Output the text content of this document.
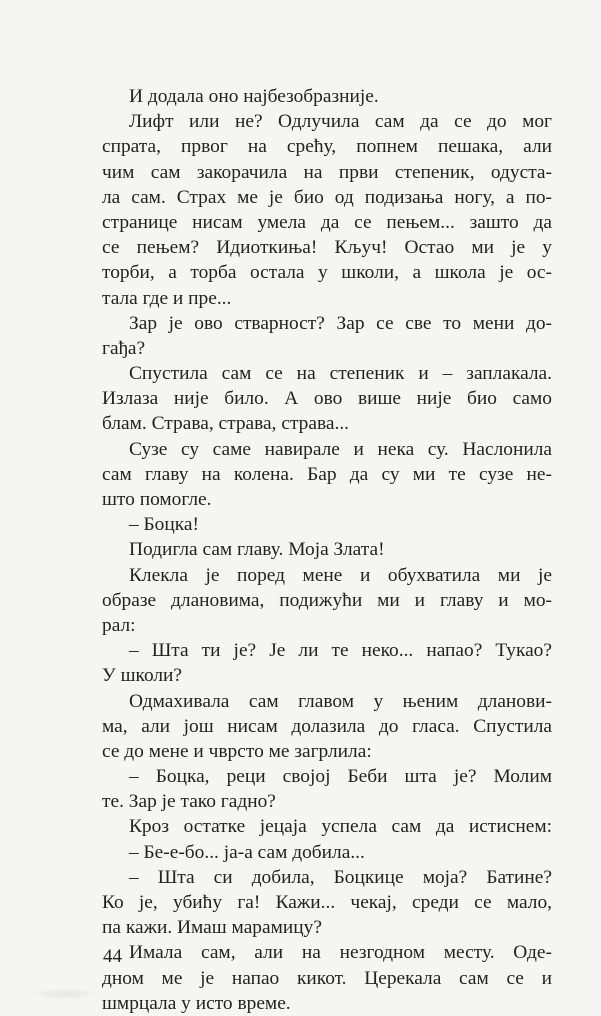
И додала оно најбезобразније.
Лифт или не? Одлучила сам да се до мог
спрата, првог на срећу, попнем пешака, али
чим сам закорачила на први степеник, одуста-
ла сам. Страх ме је био од подизања ногу, а по-
странице нисам умела да се пењем... зашто да
се пењем? Идиоткиња! Кључ! Остао ми је у
торби, а торба остала у школи, а школа је ос-
тала где и пре...
Зар је ово стварност? Зар се све то мени до-
гађа?
Спустила сам се на степеник и – заплакала.
Излаза није било. А ово више није био само
блам. Страва, страва, страва...
Сузе су саме навирале и нека су. Наслонила
сам главу на колена. Бар да су ми те сузе не-
што помогле.
– Боцка!
Подигла сам главу. Моја Злата!
Клекла је поред мене и обухватила ми је
образе длановима, подижући ми и главу и мо-
рал:
– Шта ти је? Је ли те неко... напао? Тукао?
У школи?
Одмахивала сам главом у њеним дланови-
ма, али још нисам долазила до гласа. Спустила
се до мене и чврсто ме загрлила:
– Боцка, реци својој Беби шта је? Молим
те. Зар је тако гадно?
Кроз остатке јецаја успела сам да истиснем:
– Бе-е-бо... ја-а сам добила...
– Шта си добила, Боцкице моја? Батине?
Ко је, убићу га! Кажи... чекај, среди се мало,
па кажи. Имаш марамицу?
Имала сам, али на незгодном месту. Оде-
дном ме је напао кикот. Церекала сам се и
шмрцала у исто време.
44
